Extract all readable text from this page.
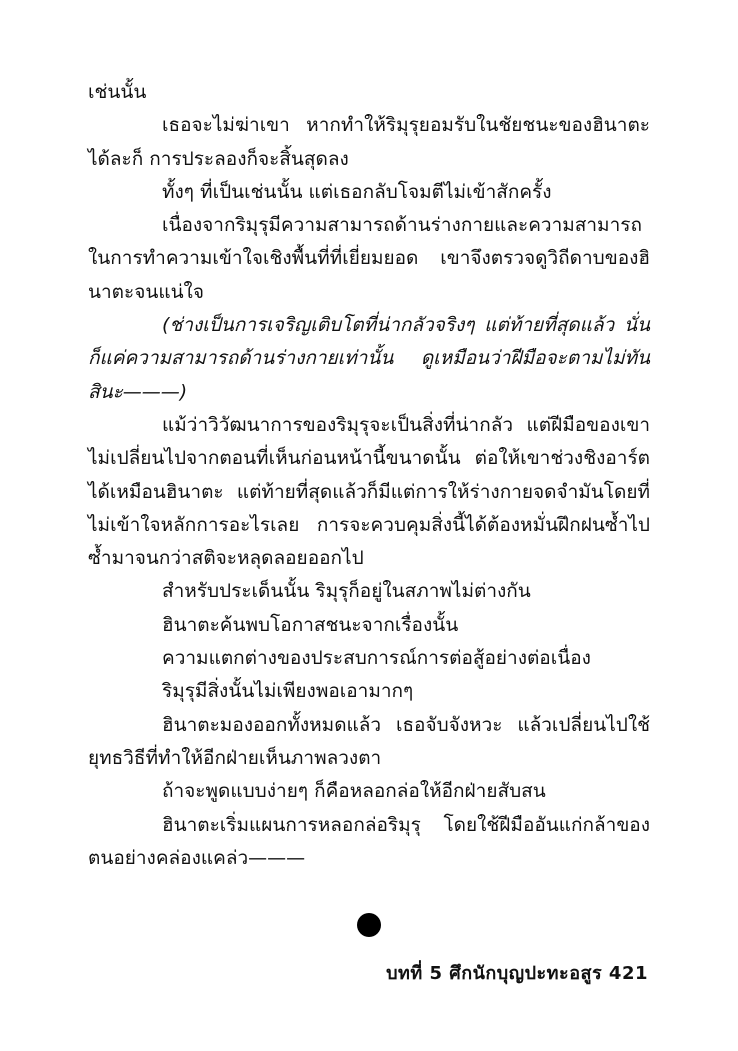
เช่นนั้น

เธอจะไม่ฆ่าเขา หากทำให้ริมุรุยอมรับในชัยชนะของฮินาตะได้ละก็ การประลองก็จะสิ้นสุดลง

ทั้งๆ ที่เป็นเช่นนั้น แต่เธอกลับโจมตีไม่เข้าสักครั้ง

เนื่องจากริมุรุมีความสามารถด้านร่างกายและความสามารถในการทำความเข้าใจเชิงพื้นที่ที่เยี่ยมยอด เขาจึงตรวจดูวิถีดาบของฮินาตะจนแน่ใจ

(ช่างเป็นการเจริญเติบโตที่น่ากลัวจริงๆ แต่ท้ายที่สุดแล้ว นั่นก็แค่ความสามารถด้านร่างกายเท่านั้น ดูเหมือนว่าฝีมือจะตามไม่ทันสินะ———)

แม้ว่าวิวัฒนาการของริมุรุจะเป็นสิ่งที่น่ากลัว แต่ฝีมือของเขาไม่เปลี่ยนไปจากตอนที่เห็นก่อนหน้านี้ขนาดนั้น ต่อให้เขาช่วงชิงอาร์ตได้เหมือนฮินาตะ แต่ท้ายที่สุดแล้วก็มีแต่การให้ร่างกายจดจำมันโดยที่ไม่เข้าใจหลักการอะไรเลย การจะควบคุมสิ่งนี้ได้ต้องหมั่นฝึกฝนซ้ำไปซ้ำมาจนกว่าสติจะหลุดลอยออกไป

สำหรับประเด็นนั้น ริมุรุก็อยู่ในสภาพไม่ต่างกัน

ฮินาตะค้นพบโอกาสชนะจากเรื่องนั้น

ความแตกต่างของประสบการณ์การต่อสู้อย่างต่อเนื่อง

ริมุรุมีสิ่งนั้นไม่เพียงพอเอามากๆ

ฮินาตะมองออกทั้งหมดแล้ว เธอจับจังหวะ แล้วเปลี่ยนไปใช้ยุทธวิธีที่ทำให้อีกฝ่ายเห็นภาพลวงตา

ถ้าจะพูดแบบง่ายๆ ก็คือหลอกล่อให้อีกฝ่ายสับสน

ฮินาตะเริ่มแผนการหลอกล่อริมุรุ โดยใช้ฝีมืออันแก่กล้าของตนอย่างคล่องแคล่ว———

บทที่ 5 ศึกนักบุญปะทะอสูร 421
